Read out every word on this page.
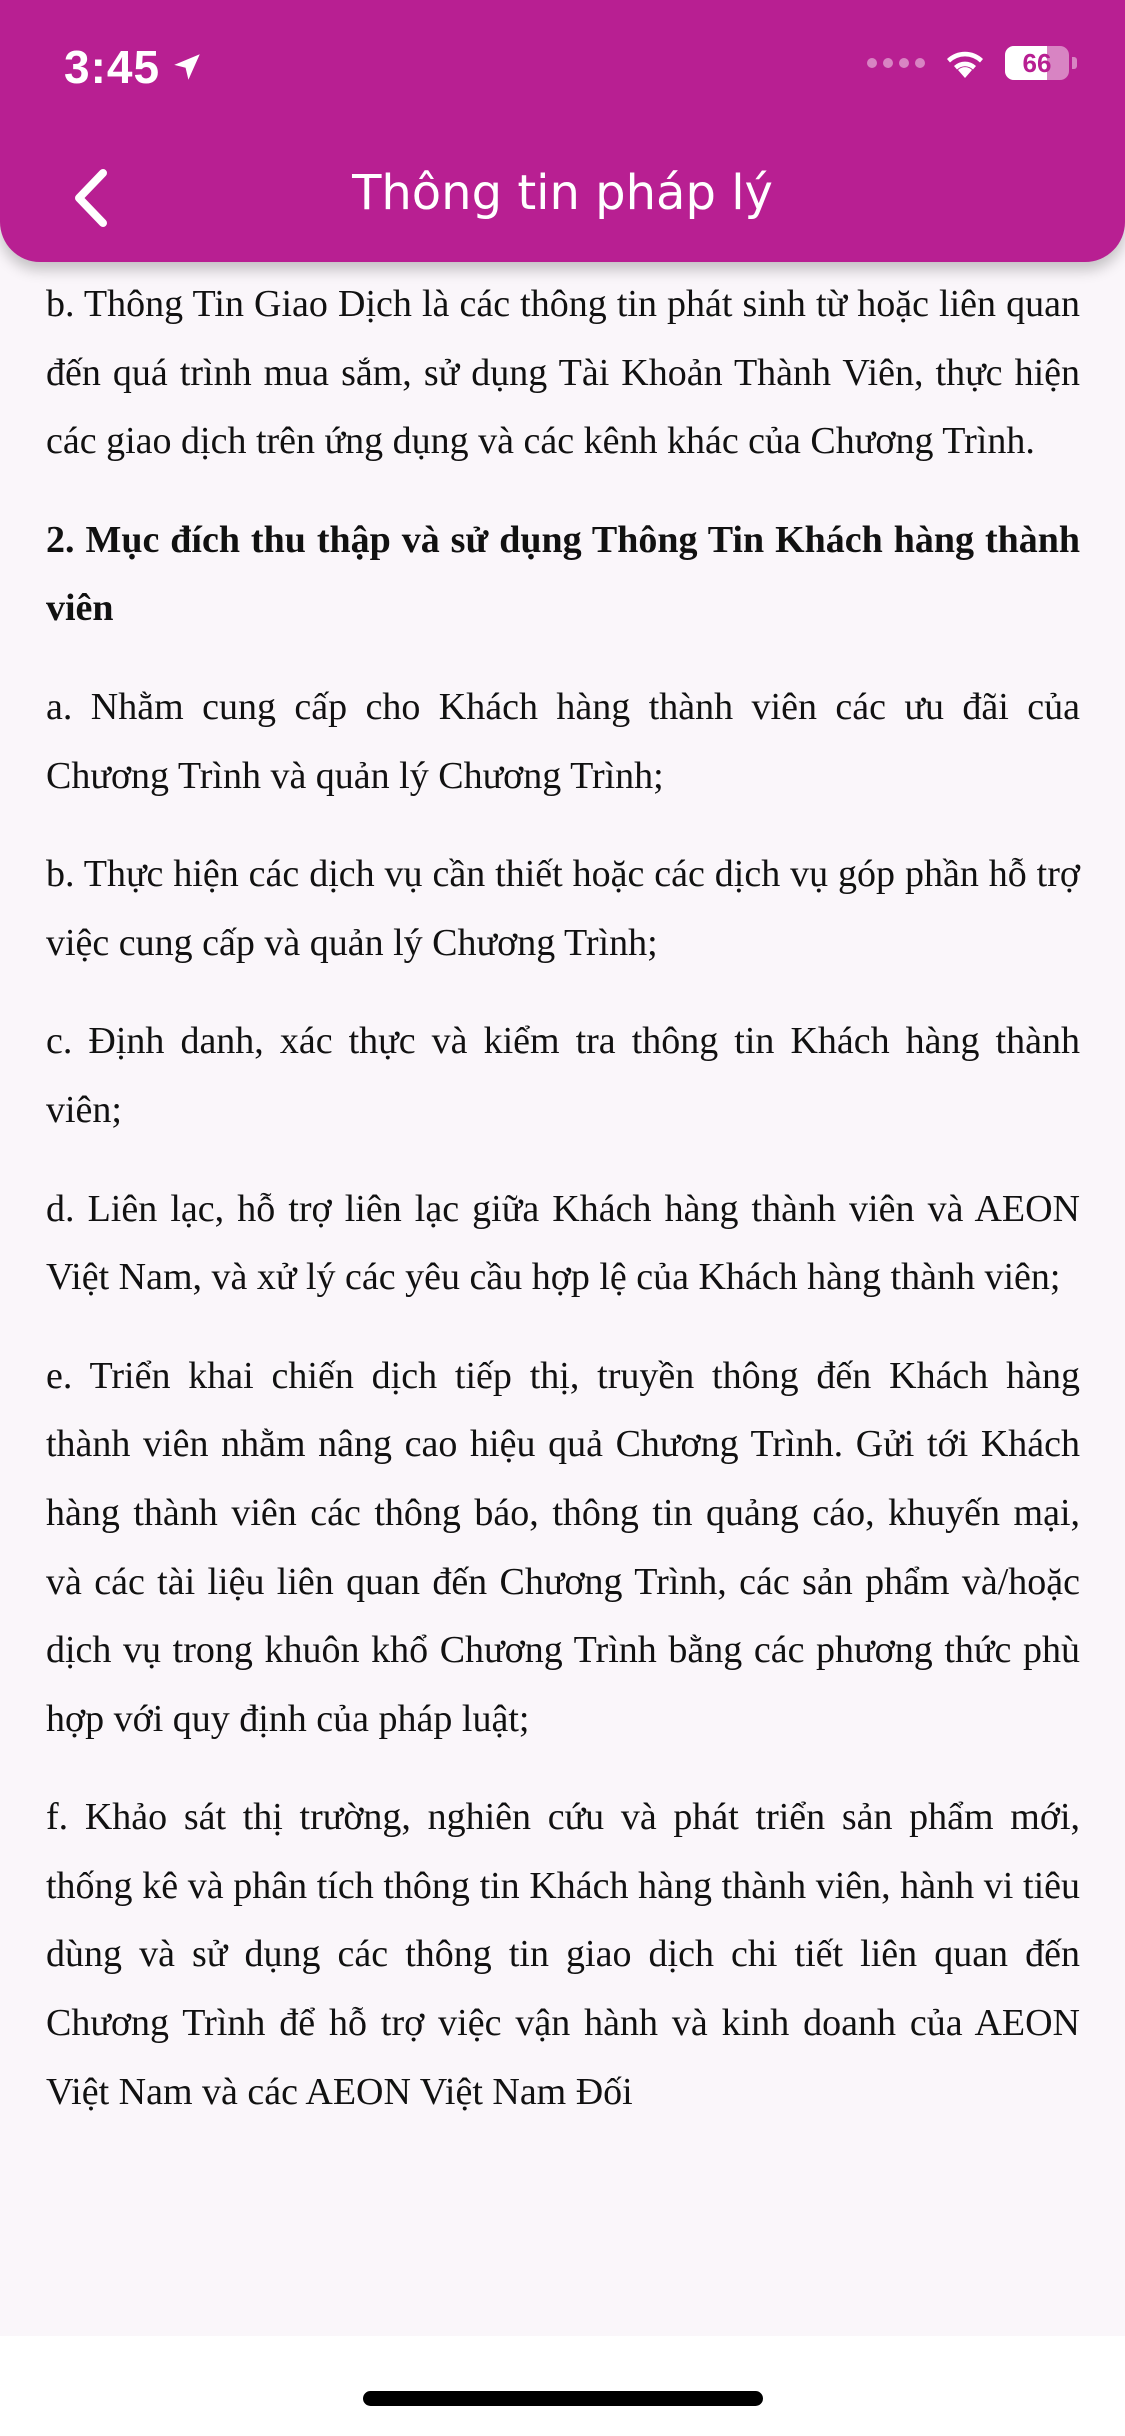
3:45	66
Thông tin pháp lý

b. Thông Tin Giao Dịch là các thông tin phát sinh từ hoặc liên quan đến quá trình mua sắm, sử dụng Tài Khoản Thành Viên, thực hiện các giao dịch trên ứng dụng và các kênh khác của Chương Trình.

2. Mục đích thu thập và sử dụng Thông Tin Khách hàng thành viên

a. Nhằm cung cấp cho Khách hàng thành viên các ưu đãi của Chương Trình và quản lý Chương Trình;

b. Thực hiện các dịch vụ cần thiết hoặc các dịch vụ góp phần hỗ trợ việc cung cấp và quản lý Chương Trình;

c. Định danh, xác thực và kiểm tra thông tin Khách hàng thành viên;

d. Liên lạc, hỗ trợ liên lạc giữa Khách hàng thành viên và AEON Việt Nam, và xử lý các yêu cầu hợp lệ của Khách hàng thành viên;

e. Triển khai chiến dịch tiếp thị, truyền thông đến Khách hàng thành viên nhằm nâng cao hiệu quả Chương Trình. Gửi tới Khách hàng thành viên các thông báo, thông tin quảng cáo, khuyến mại, và các tài liệu liên quan đến Chương Trình, các sản phẩm và/hoặc dịch vụ trong khuôn khổ Chương Trình bằng các phương thức phù hợp với quy định của pháp luật;

f. Khảo sát thị trường, nghiên cứu và phát triển sản phẩm mới, thống kê và phân tích thông tin Khách hàng thành viên, hành vi tiêu dùng và sử dụng các thông tin giao dịch chi tiết liên quan đến Chương Trình để hỗ trợ việc vận hành và kinh doanh của AEON Việt Nam và các AEON Việt Nam Đối
